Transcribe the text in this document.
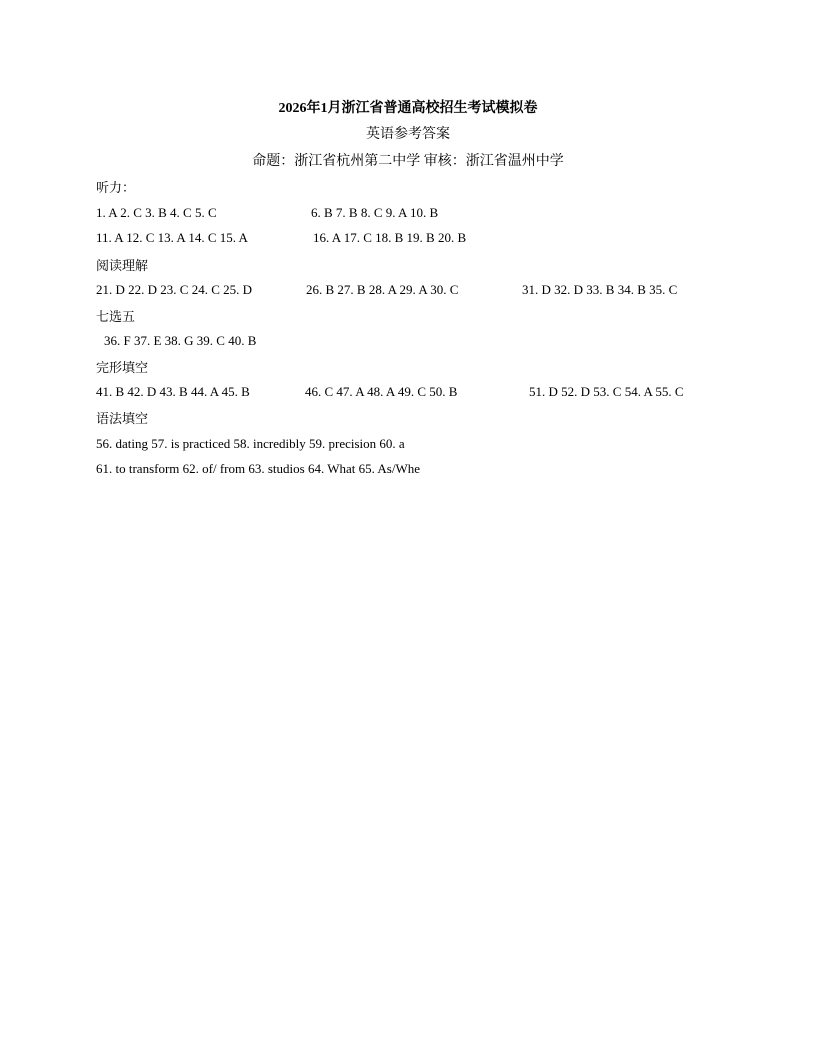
2026年1月浙江省普通高校招生考试模拟卷
英语参考答案
命题：浙江省杭州第二中学 审核：浙江省温州中学
听力：
1. A 2. C 3. B 4. C 5. C	6. B 7. B 8. C 9. A 10. B
11. A 12. C 13. A 14. C 15. A	16. A 17. C 18. B 19. B 20. B
阅读理解
21. D 22. D 23. C 24. C 25. D	26. B 27. B 28. A 29. A 30. C	31. D 32. D 33. B 34. B 35. C
七选五
36. F 37. E 38. G 39. C 40. B
完形填空
41. B 42. D 43. B 44. A 45. B	46. C 47. A 48. A 49. C 50. B	51. D 52. D 53. C 54. A 55. C
语法填空
56. dating 57. is practiced 58. incredibly 59. precision 60. a
61. to transform 62. of/ from 63. studios 64. What 65. As/Whe
